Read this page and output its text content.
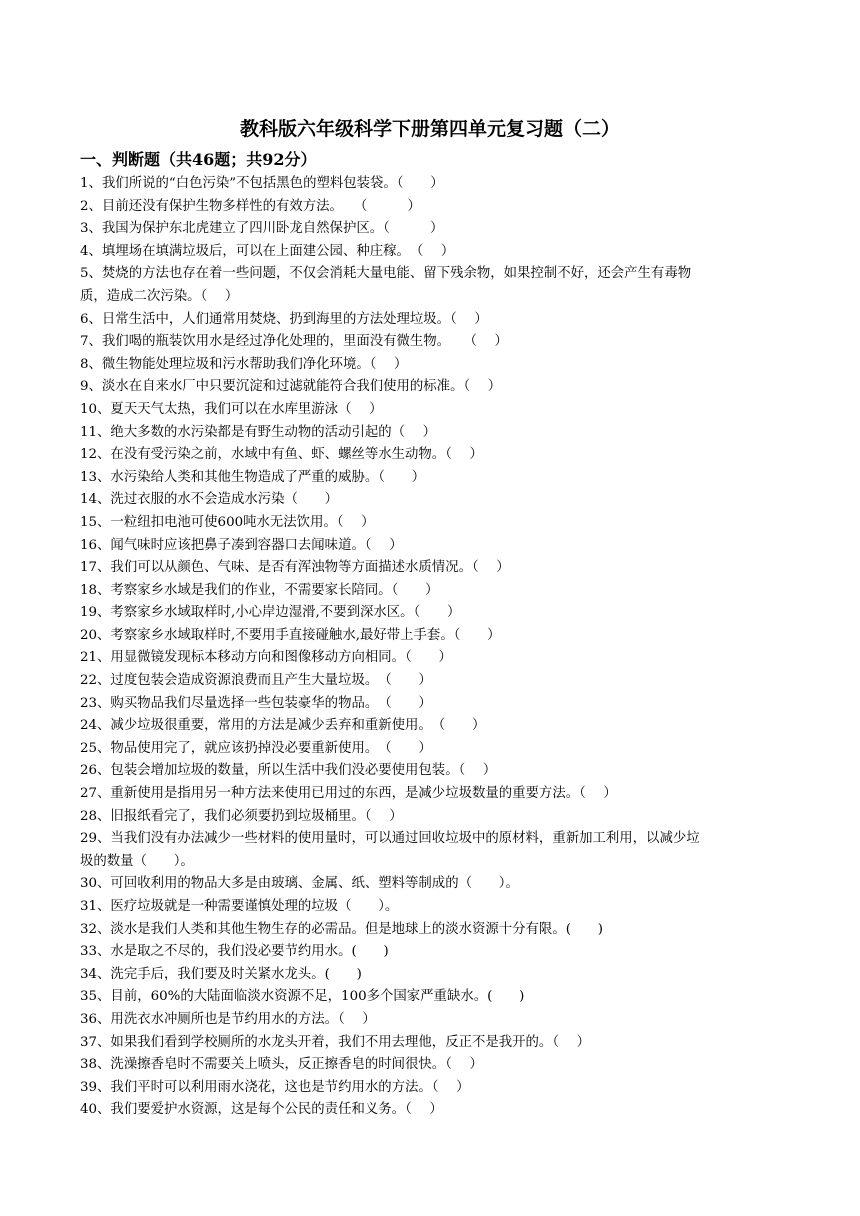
教科版六年级科学下册第四单元复习题（二）
一、判断题（共46题；共92分）
1、我们所说的“白色污染”不包括黑色的塑料包装袋。（　　）
2、目前还没有保护生物多样性的有效方法。　 （　　　）
3、我国为保护东北虎建立了四川卧龙自然保护区。（　　　）
4、填埋场在填满垃圾后，可以在上面建公园、种庄稼。　（　 ）
5、焚烧的方法也存在着一些问题，不仅会消耗大量电能、留下残余物，如果控制不好，还会产生有毒物
质，造成二次污染。（　 ）
6、日常生活中，人们通常用焚烧、扔到海里的方法处理垃圾。（　 ）
7、我们喝的瓶装饮用水是经过净化处理的，里面没有微生物。　　（　 ）
8、微生物能处理垃圾和污水帮助我们净化环境。（　 ）
9、淡水在自来水厂中只要沉淀和过滤就能符合我们使用的标准。（　 ）
10、夏天天气太热，我们可以在水库里游泳（　 ）
11、绝大多数的水污染都是有野生动物的活动引起的（　 ）
12、在没有受污染之前，水域中有鱼、虾、螺丝等水生动物。（　 ）
13、水污染给人类和其他生物造成了严重的威胁。（　　）
14、洗过衣服的水不会造成水污染（　　）
15、一粒纽扣电池可使600吨水无法饮用。（　 ）
16、闻气味时应该把鼻子凑到容器口去闻味道。（　 ）
17、我们可以从颜色、气味、是否有浑浊物等方面描述水质情况。（　 ）
18、考察家乡水域是我们的作业，不需要家长陪同。（　　）
19、考察家乡水域取样时,小心岸边湿滑,不要到深水区。（　　）
20、考察家乡水域取样时,不要用手直接碰触水,最好带上手套。（　　）
21、用显微镜发现标本移动方向和图像移动方向相同。（　　）
22、过度包装会造成资源浪费而且产生大量垃圾。　（　　）
23、购买物品我们尽量选择一些包装豪华的物品。　（　　）
24、减少垃圾很重要，常用的方法是减少丢弃和重新使用。　（　　）
25、物品使用完了，就应该扔掉没必要重新使用。　（　　）
26、包装会增加垃圾的数量，所以生活中我们没必要使用包装。（　 ）
27、重新使用是指用另一种方法来使用已用过的东西，是减少垃圾数量的重要方法。（　 ）
28、旧报纸看完了，我们必须要扔到垃圾桶里。（　 ）
29、当我们没有办法减少一些材料的使用量时，可以通过回收垃圾中的原材料，重新加工利用，以减少垃
圾的数量（　　）。
30、可回收利用的物品大多是由玻璃、金属、纸、塑料等制成的（　　）。
31、医疗垃圾就是一种需要谨慎处理的垃圾（　　）。
32、淡水是我们人类和其他生物生存的必需品。但是地球上的淡水资源十分有限。(　　)
33、水是取之不尽的，我们没必要节约用水。(　　)
34、洗完手后，我们要及时关紧水龙头。(　　)
35、目前，60%的大陆面临淡水资源不足，100多个国家严重缺水。(　　)
36、用洗衣水冲厕所也是节约用水的方法。（　 ）
37、如果我们看到学校厕所的水龙头开着，我们不用去理他，反正不是我开的。（　 ）
38、洗澡擦香皂时不需要关上喷头，反正擦香皂的时间很快。（　 ）
39、我们平时可以利用雨水浇花，这也是节约用水的方法。（　 ）
40、我们要爱护水资源，这是每个公民的责任和义务。（　 ）
